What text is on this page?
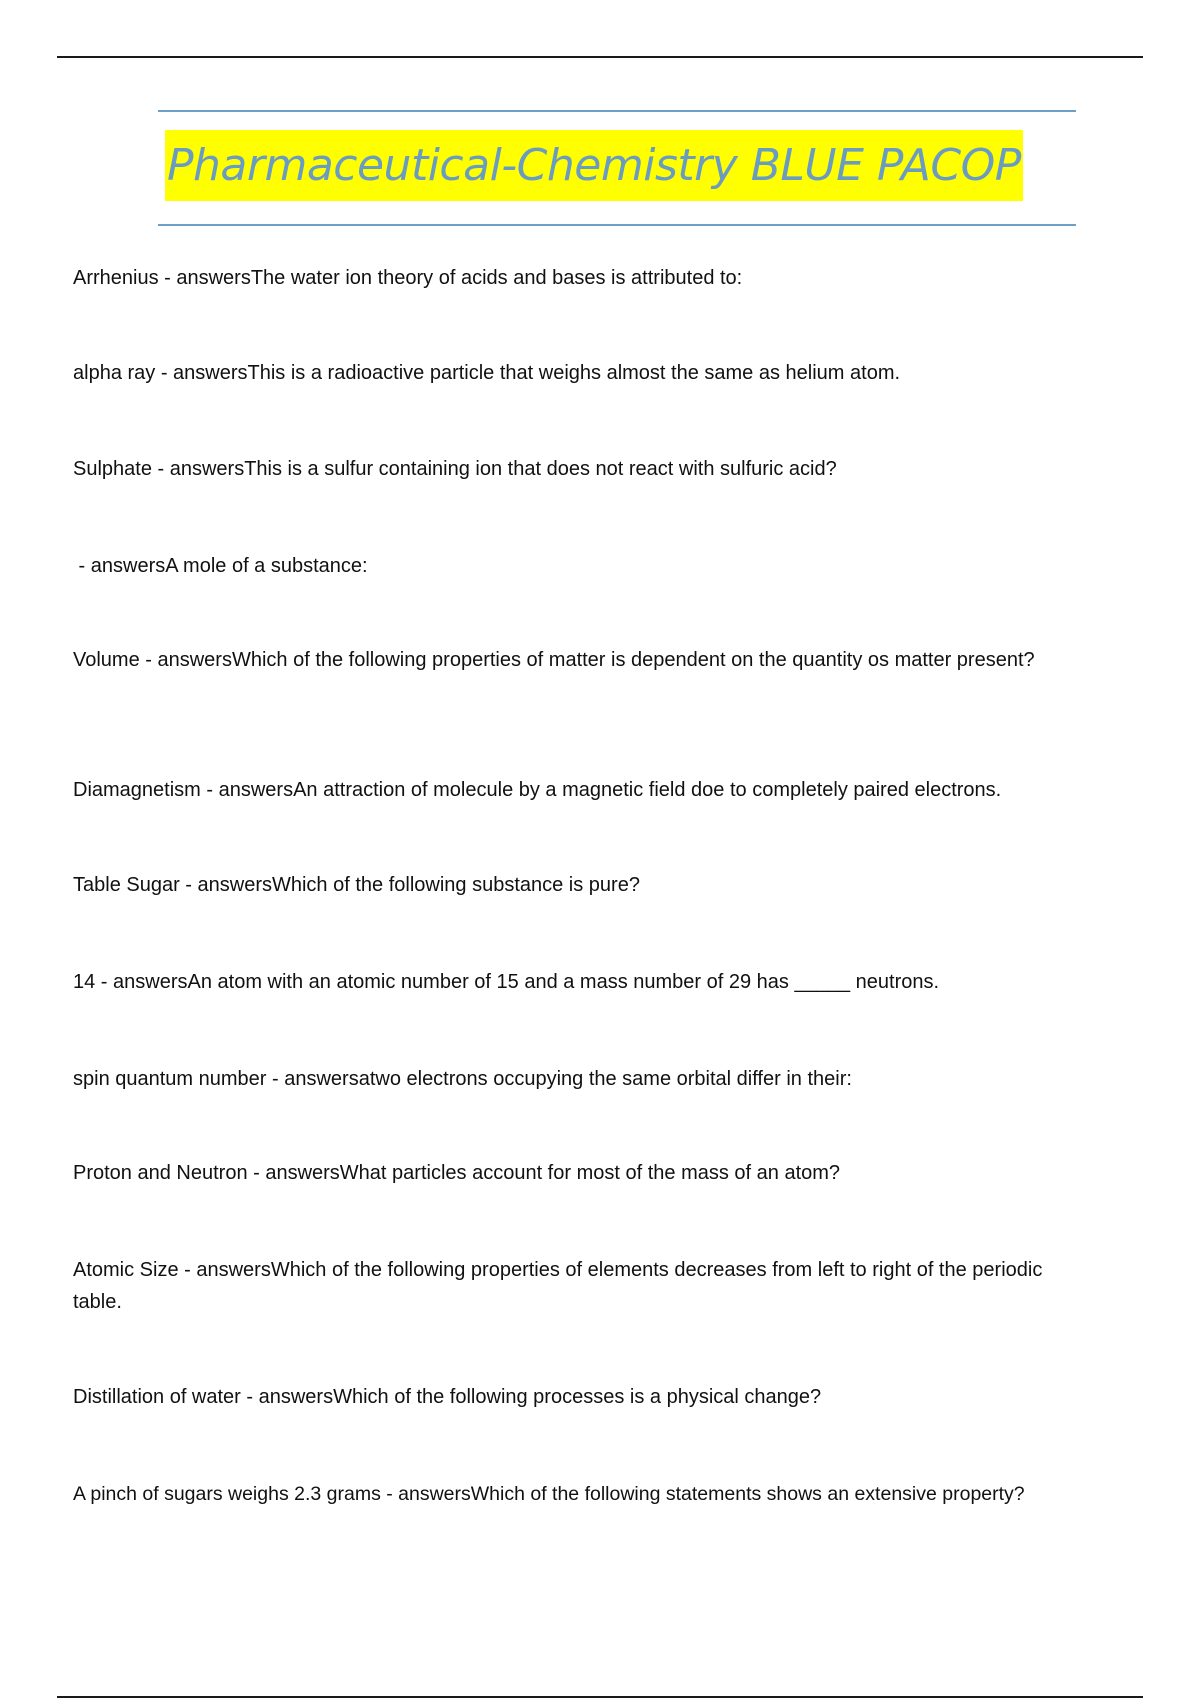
Pharmaceutical-Chemistry BLUE PACOP
Arrhenius - answersThe water ion theory of acids and bases is attributed to:
alpha ray - answersThis is a radioactive particle that weighs almost the same as helium atom.
Sulphate - answersThis is a sulfur containing ion that does not react with sulfuric acid?
- answersA mole of a substance:
Volume - answersWhich of the following properties of matter is dependent on the quantity os matter present?
Diamagnetism - answersAn attraction of molecule by a magnetic field doe to completely paired electrons.
Table Sugar - answersWhich of the following substance is pure?
14 - answersAn atom with an atomic number of 15 and a mass number of 29 has _____ neutrons.
spin quantum number - answersatwo electrons occupying the same orbital differ in their:
Proton and Neutron - answersWhat particles account for most of the mass of an atom?
Atomic Size - answersWhich of the following properties of elements decreases from left to right of the periodic table.
Distillation of water - answersWhich of the following processes is a physical change?
A pinch of sugars weighs 2.3 grams - answersWhich of the following statements shows an extensive property?
